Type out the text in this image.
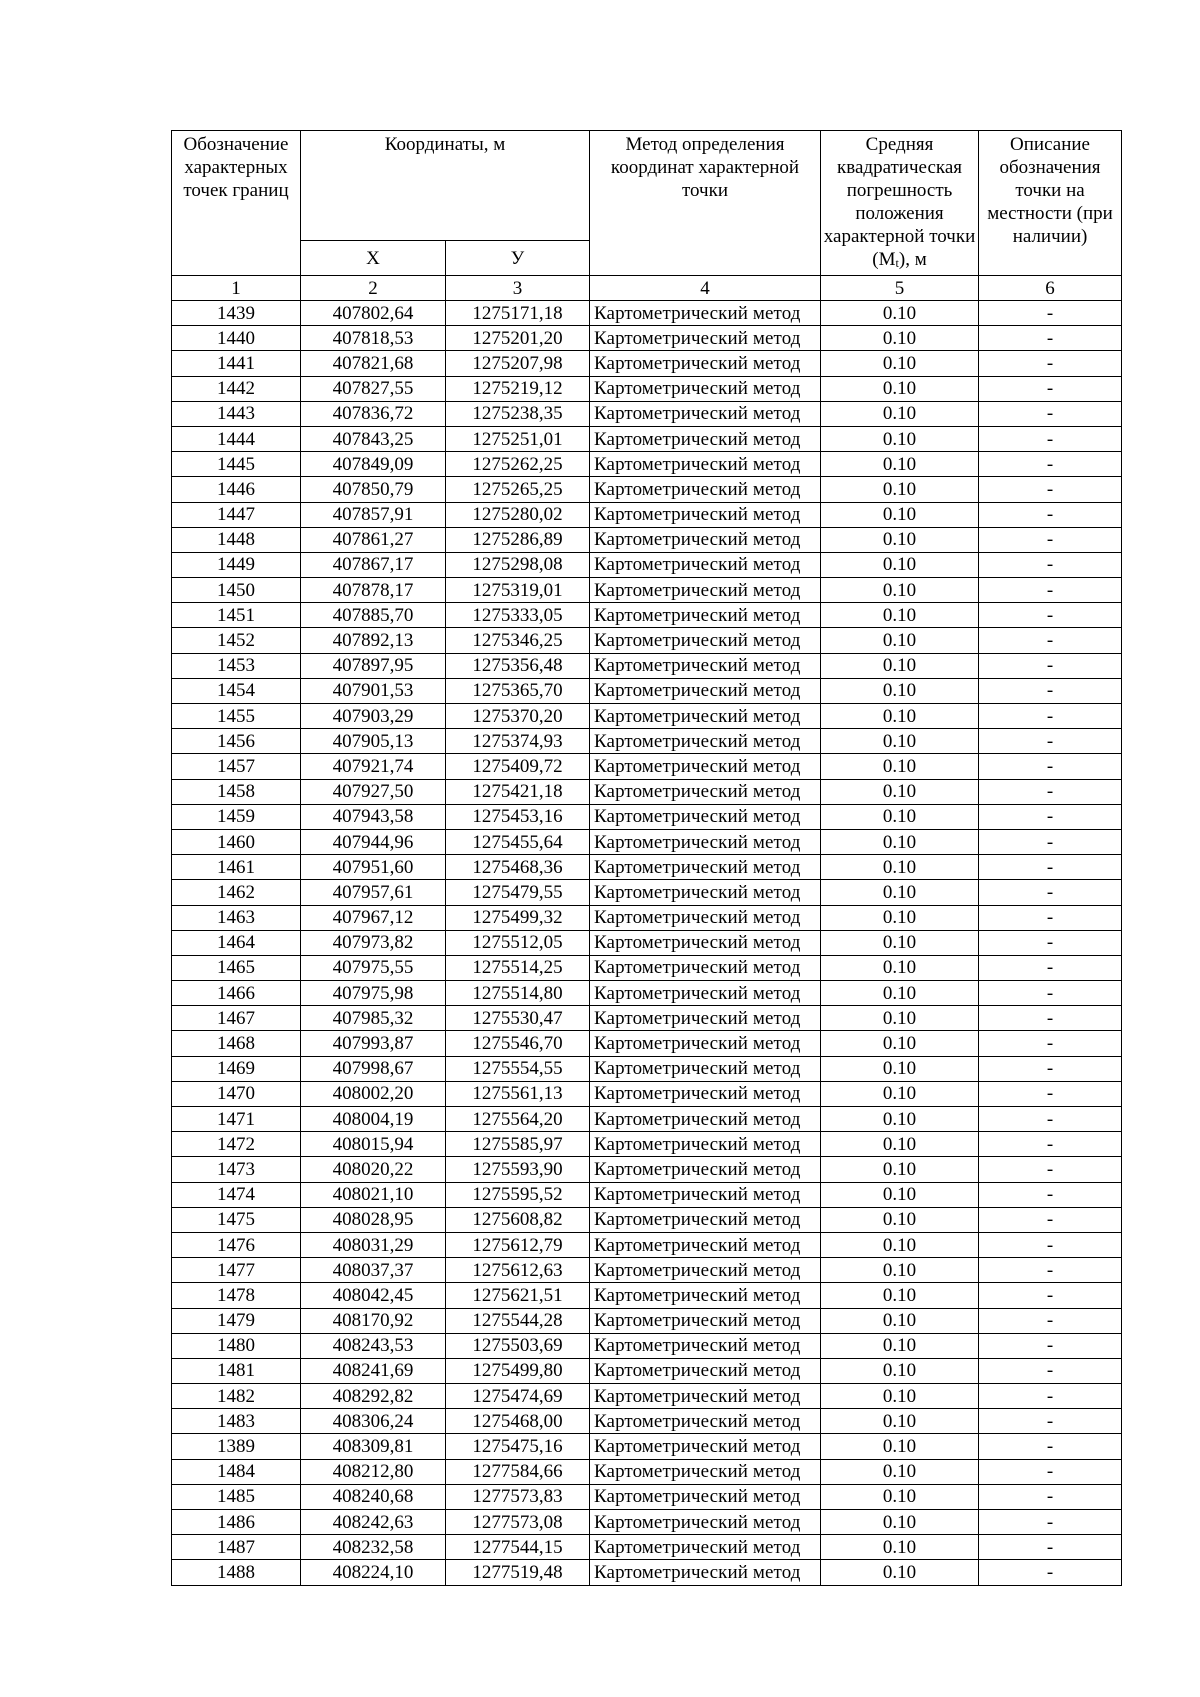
Обозначение характерных точек границ	Координаты, м		Метод определения координат характерной точки	Средняя квадратическая погрешность положения характерной точки $(M_t)$, м	Описание обозначения точки на местности (при наличии)
	Х	У			
1	2	3	4	5	6
1439	407802,64	1275171,18	Картометрический метод	0.10	-
1440	407818,53	1275201,20	Картометрический метод	0.10	-
1441	407821,68	1275207,98	Картометрический метод	0.10	-
1442	407827,55	1275219,12	Картометрический метод	0.10	-
1443	407836,72	1275238,35	Картометрический метод	0.10	-
1444	407843,25	1275251,01	Картометрический метод	0.10	-
1445	407849,09	1275262,25	Картометрический метод	0.10	-
1446	407850,79	1275265,25	Картометрический метод	0.10	-
1447	407857,91	1275280,02	Картометрический метод	0.10	-
1448	407861,27	1275286,89	Картометрический метод	0.10	-
1449	407867,17	1275298,08	Картометрический метод	0.10	-
1450	407878,17	1275319,01	Картометрический метод	0.10	-
1451	407885,70	1275333,05	Картометрический метод	0.10	-
1452	407892,13	1275346,25	Картометрический метод	0.10	-
1453	407897,95	1275356,48	Картометрический метод	0.10	-
1454	407901,53	1275365,70	Картометрический метод	0.10	-
1455	407903,29	1275370,20	Картометрический метод	0.10	-
1456	407905,13	1275374,93	Картометрический метод	0.10	-
1457	407921,74	1275409,72	Картометрический метод	0.10	-
1458	407927,50	1275421,18	Картометрический метод	0.10	-
1459	407943,58	1275453,16	Картометрический метод	0.10	-
1460	407944,96	1275455,64	Картометрический метод	0.10	-
1461	407951,60	1275468,36	Картометрический метод	0.10	-
1462	407957,61	1275479,55	Картометрический метод	0.10	-
1463	407967,12	1275499,32	Картометрический метод	0.10	-
1464	407973,82	1275512,05	Картометрический метод	0.10	-
1465	407975,55	1275514,25	Картометрический метод	0.10	-
1466	407975,98	1275514,80	Картометрический метод	0.10	-
1467	407985,32	1275530,47	Картометрический метод	0.10	-
1468	407993,87	1275546,70	Картометрический метод	0.10	-
1469	407998,67	1275554,55	Картометрический метод	0.10	-
1470	408002,20	1275561,13	Картометрический метод	0.10	-
1471	408004,19	1275564,20	Картометрический метод	0.10	-
1472	408015,94	1275585,97	Картометрический метод	0.10	-
1473	408020,22	1275593,90	Картометрический метод	0.10	-
1474	408021,10	1275595,52	Картометрический метод	0.10	-
1475	408028,95	1275608,82	Картометрический метод	0.10	-
1476	408031,29	1275612,79	Картометрический метод	0.10	-
1477	408037,37	1275612,63	Картометрический метод	0.10	-
1478	408042,45	1275621,51	Картометрический метод	0.10	-
1479	408170,92	1275544,28	Картометрический метод	0.10	-
1480	408243,53	1275503,69	Картометрический метод	0.10	-
1481	408241,69	1275499,80	Картометрический метод	0.10	-
1482	408292,82	1275474,69	Картометрический метод	0.10	-
1483	408306,24	1275468,00	Картометрический метод	0.10	-
1389	408309,81	1275475,16	Картометрический метод	0.10	-
1484	408212,80	1277584,66	Картометрический метод	0.10	-
1485	408240,68	1277573,83	Картометрический метод	0.10	-
1486	408242,63	1277573,08	Картометрический метод	0.10	-
1487	408232,58	1277544,15	Картометрический метод	0.10	-
1488	408224,10	1277519,48	Картометрический метод	0.10	-
